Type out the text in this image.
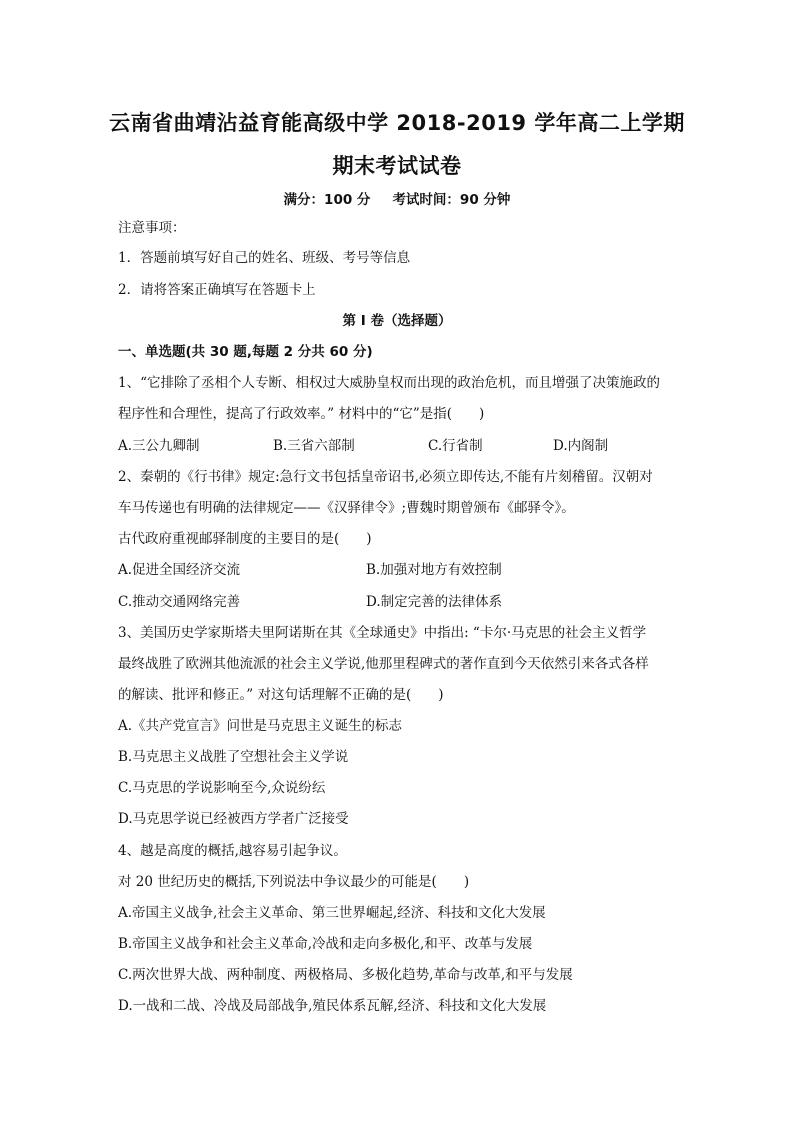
云南省曲靖沾益育能高级中学 2018-2019 学年高二上学期
期末考试试卷
满分：100 分 考试时间：90 分钟
注意事项：
1．答题前填写好自己的姓名、班级、考号等信息
2．请将答案正确填写在答题卡上
第 I 卷（选择题）
一、单选题(共 30 题,每题 2 分共 60 分)
1、“它排除了丞相个人专断、相权过大威胁皇权而出现的政治危机，而且增强了决策施政的
程序性和合理性，提高了行政效率。” 材料中的“它”是指(　　)
A.三公九卿制	B.三省六部制	C.行省制	D.内阁制
2、秦朝的《行书律》规定:急行文书包括皇帝诏书,必须立即传达,不能有片刻稽留。汉朝对
车马传递也有明确的法律规定——《汉驿律令》;曹魏时期曾颁布《邮驿令》。
古代政府重视邮驿制度的主要目的是(　　)
A.促进全国经济交流	B.加强对地方有效控制
C.推动交通网络完善	D.制定完善的法律体系
3、美国历史学家斯塔夫里阿诺斯在其《全球通史》中指出: “卡尔·马克思的社会主义哲学
最终战胜了欧洲其他流派的社会主义学说,他那里程碑式的著作直到今天依然引来各式各样
的解读、批评和修正。” 对这句话理解不正确的是(　　)
A.《共产党宣言》问世是马克思主义诞生的标志
B.马克思主义战胜了空想社会主义学说
C.马克思的学说影响至今,众说纷纭
D.马克思学说已经被西方学者广泛接受
4、越是高度的概括,越容易引起争议。
对 20 世纪历史的概括,下列说法中争议最少的可能是(　　)
A.帝国主义战争,社会主义革命、第三世界崛起,经济、科技和文化大发展
B.帝国主义战争和社会主义革命,冷战和走向多极化,和平、改革与发展
C.两次世界大战、两种制度、两极格局、多极化趋势,革命与改革,和平与发展
D.一战和二战、冷战及局部战争,殖民体系瓦解,经济、科技和文化大发展
